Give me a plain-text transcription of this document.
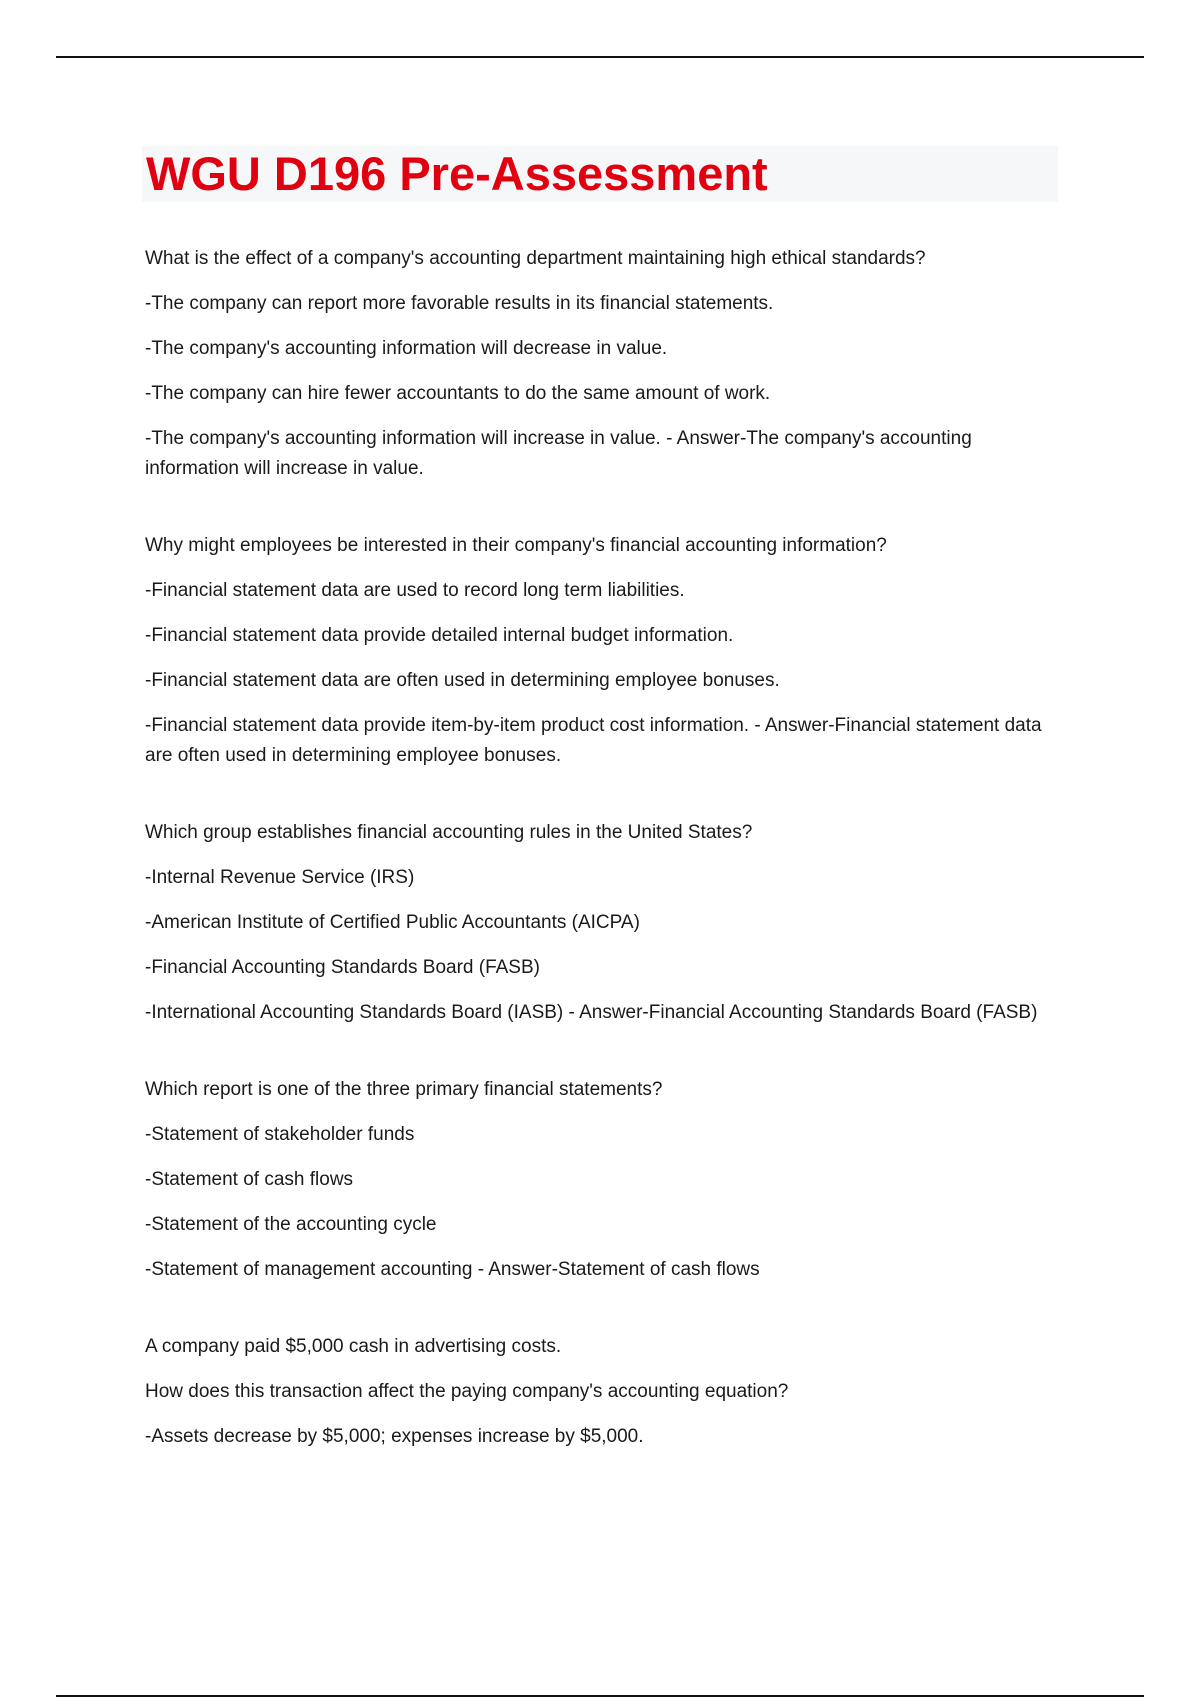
WGU D196 Pre-Assessment

What is the effect of a company's accounting department maintaining high ethical standards?

-The company can report more favorable results in its financial statements.

-The company's accounting information will decrease in value.

-The company can hire fewer accountants to do the same amount of work.

-The company's accounting information will increase in value. - Answer-The company's accounting information will increase in value.

Why might employees be interested in their company's financial accounting information?

-Financial statement data are used to record long term liabilities.

-Financial statement data provide detailed internal budget information.

-Financial statement data are often used in determining employee bonuses.

-Financial statement data provide item-by-item product cost information. - Answer-Financial statement data are often used in determining employee bonuses.

Which group establishes financial accounting rules in the United States?

-Internal Revenue Service (IRS)

-American Institute of Certified Public Accountants (AICPA)

-Financial Accounting Standards Board (FASB)

-International Accounting Standards Board (IASB) - Answer-Financial Accounting Standards Board (FASB)

Which report is one of the three primary financial statements?

-Statement of stakeholder funds

-Statement of cash flows

-Statement of the accounting cycle

-Statement of management accounting - Answer-Statement of cash flows

A company paid $5,000 cash in advertising costs.

How does this transaction affect the paying company's accounting equation?

-Assets decrease by $5,000; expenses increase by $5,000.
